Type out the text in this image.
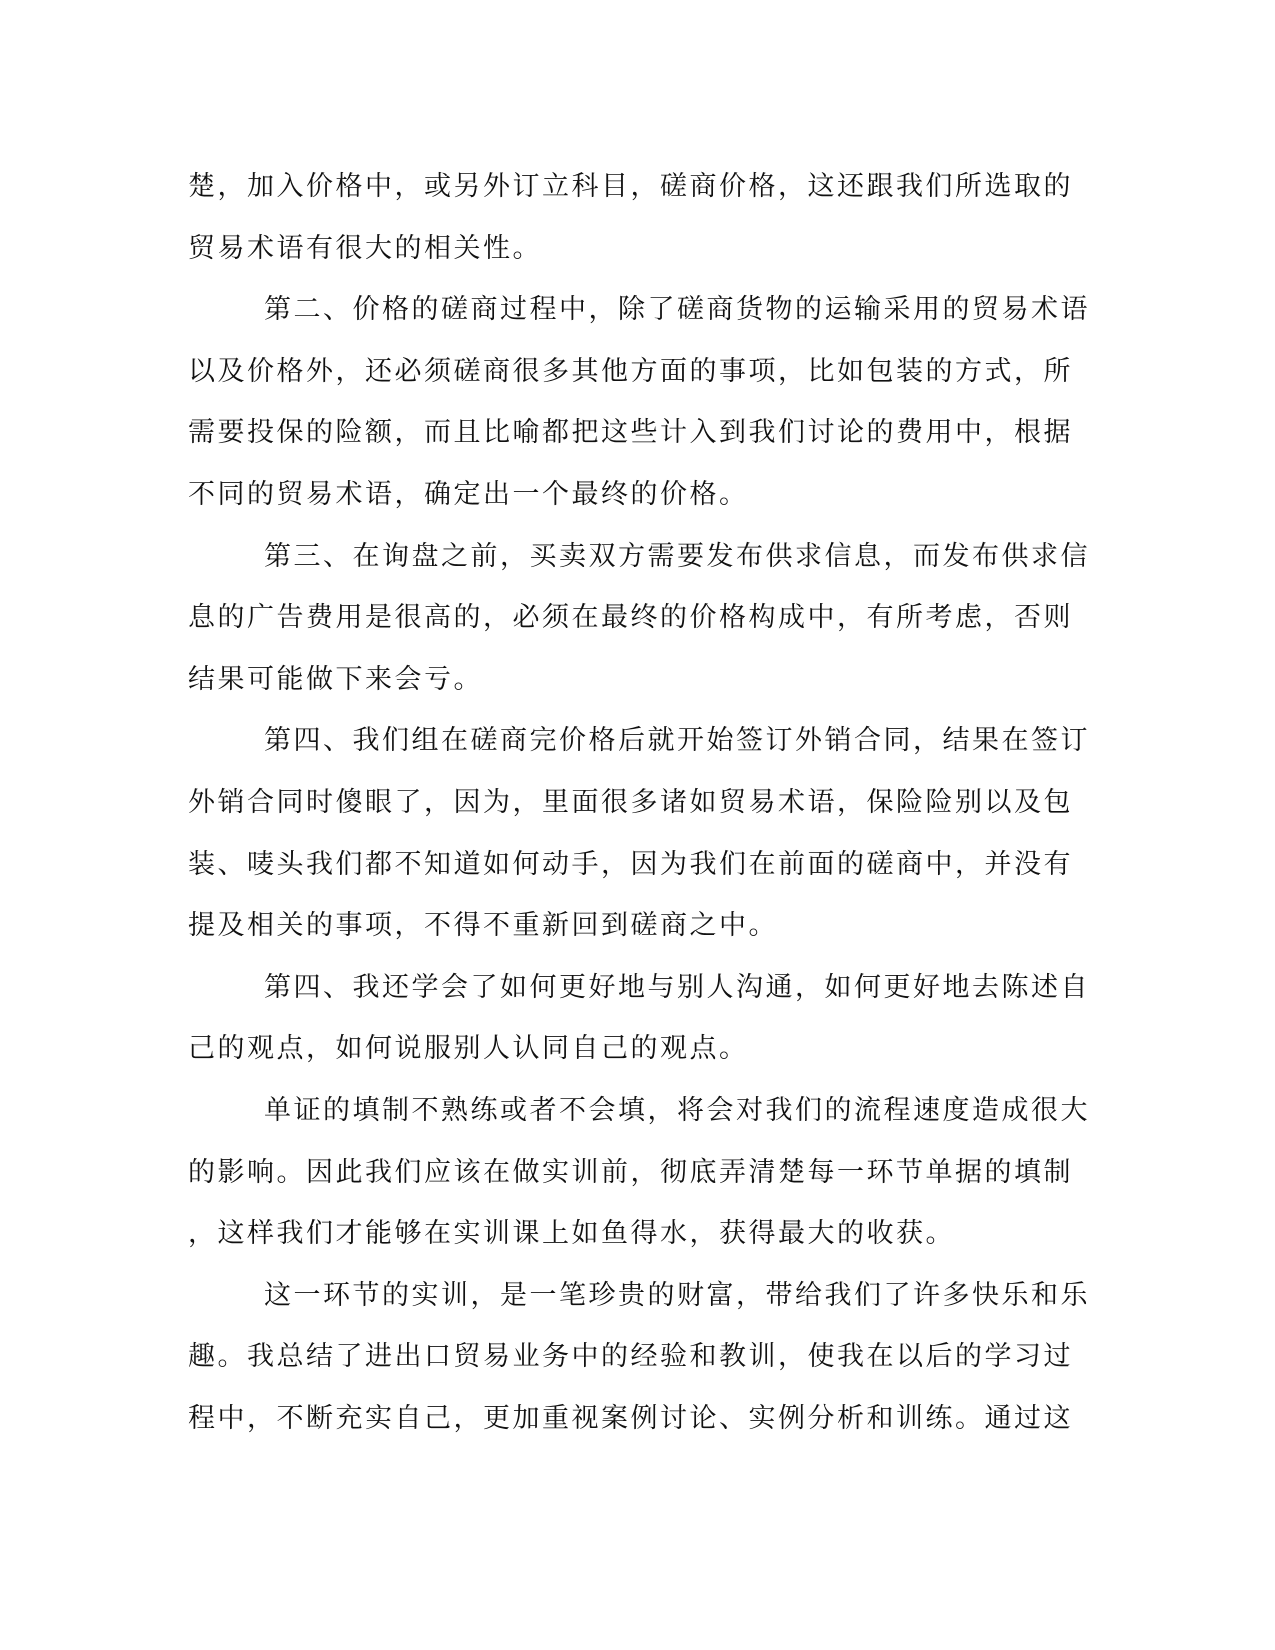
楚，加入价格中，或另外订立科目，磋商价格，这还跟我们所选取的
贸易术语有很大的相关性。
第二、价格的磋商过程中，除了磋商货物的运输采用的贸易术语
以及价格外，还必须磋商很多其他方面的事项，比如包装的方式，所
需要投保的险额，而且比喻都把这些计入到我们讨论的费用中，根据
不同的贸易术语，确定出一个最终的价格。
第三、在询盘之前，买卖双方需要发布供求信息，而发布供求信
息的广告费用是很高的，必须在最终的价格构成中，有所考虑，否则
结果可能做下来会亏。
第四、我们组在磋商完价格后就开始签订外销合同，结果在签订
外销合同时傻眼了，因为，里面很多诸如贸易术语，保险险别以及包
装、唛头我们都不知道如何动手，因为我们在前面的磋商中，并没有
提及相关的事项，不得不重新回到磋商之中。
第四、我还学会了如何更好地与别人沟通，如何更好地去陈述自
己的观点，如何说服别人认同自己的观点。
单证的填制不熟练或者不会填，将会对我们的流程速度造成很大
的影响。因此我们应该在做实训前，彻底弄清楚每一环节单据的填制
，这样我们才能够在实训课上如鱼得水，获得最大的收获。
这一环节的实训，是一笔珍贵的财富，带给我们了许多快乐和乐
趣。我总结了进出口贸易业务中的经验和教训，使我在以后的学习过
程中，不断充实自己，更加重视案例讨论、实例分析和训练。通过这
